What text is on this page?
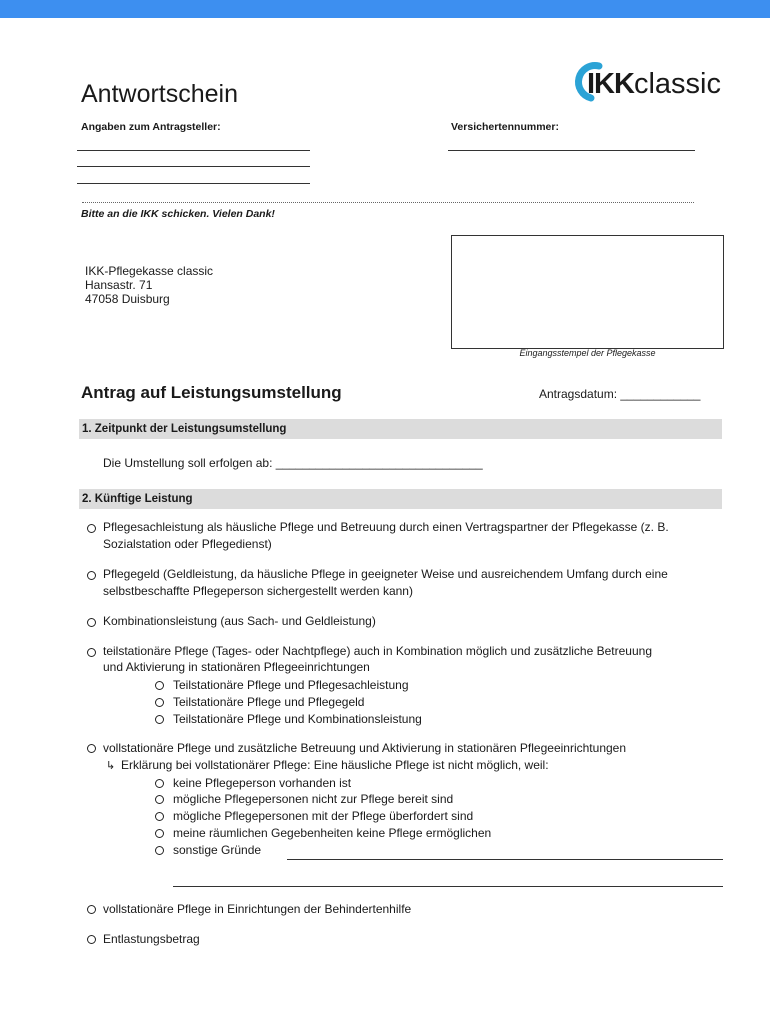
IKKclassic
Antwortschein
Angaben zum Antragsteller:	Versichertennummer:
Bitte an die IKK schicken. Vielen Dank!
IKK-Pflegekasse classic
Hansastr. 71
47058 Duisburg
Eingangsstempel der Pflegekasse
Antrag auf Leistungsumstellung	Antragsdatum: ____________
1. Zeitpunkt der Leistungsumstellung
Die Umstellung soll erfolgen ab: _______________________________
2. Künftige Leistung
Pflegesachleistung als häusliche Pflege und Betreuung durch einen Vertragspartner der Pflegekasse (z. B.
Sozialstation oder Pflegedienst)
Pflegegeld (Geldleistung, da häusliche Pflege in geeigneter Weise und ausreichendem Umfang durch eine
selbstbeschaffte Pflegeperson sichergestellt werden kann)
Kombinationsleistung (aus Sach- und Geldleistung)
teilstationäre Pflege (Tages- oder Nachtpflege) auch in Kombination möglich und zusätzliche Betreuung
und Aktivierung in stationären Pflegeeinrichtungen
Teilstationäre Pflege und Pflegesachleistung
Teilstationäre Pflege und Pflegegeld
Teilstationäre Pflege und Kombinationsleistung
vollstationäre Pflege und zusätzliche Betreuung und Aktivierung in stationären Pflegeeinrichtungen
↳ Erklärung bei vollstationärer Pflege: Eine häusliche Pflege ist nicht möglich, weil:
keine Pflegeperson vorhanden ist
mögliche Pflegepersonen nicht zur Pflege bereit sind
mögliche Pflegepersonen mit der Pflege überfordert sind
meine räumlichen Gegebenheiten keine Pflege ermöglichen
sonstige Gründe
vollstationäre Pflege in Einrichtungen der Behindertenhilfe
Entlastungsbetrag
